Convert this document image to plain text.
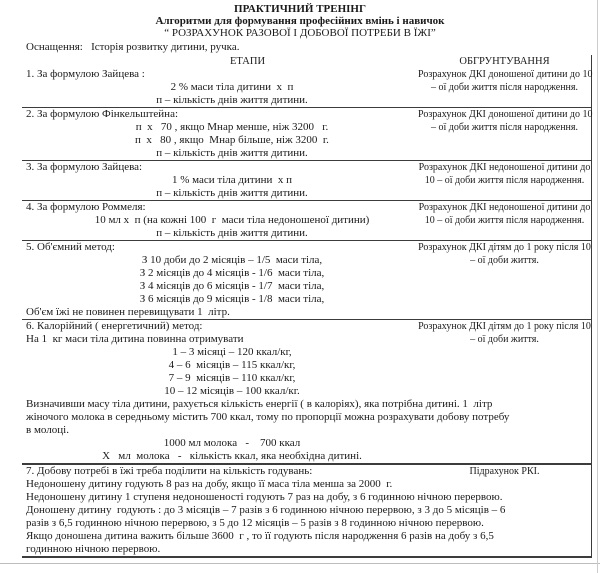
ПРАКТИЧНИЙ ТРЕНІНГ
Алгоритми для формування професійних вмінь і навичок
“ РОЗРАХУНОК РАЗОВОЇ І ДОБОВОЇ ПОТРЕБИ В ЇЖІ”
Оснащення:   Історія розвитку дитини, ручка.
ЕТАПИ	ОБГРУНТУВАННЯ
1. За формулою Зайцева :
2 % маси тіла дитини  х  п
п – кількість днів життя дитини.
Розрахунок ДКІ доношеної дитини до 10
– ої доби життя після народження.
2. За формулою Фінкельштейна:
п  х   70 , якщо Мнар менше, ніж 3200   г.
п  х   80 , якщо  Мнар більше, ніж 3200  г.
п – кількість днів життя дитини.
Розрахунок ДКІ доношеної дитини до 10
– ої доби життя після народження.
3. За формулою Зайцева:
1 % маси тіла дитини  х п
п – кількість днів життя дитини.
Розрахунок ДКІ недоношеної дитини до
10 – ої доби життя після народження.
4. За формулою Роммеля:
10 мл х  п (на кожні 100  г  маси тіла недоношеної дитини)
п – кількість днів життя дитини.
Розрахунок ДКІ недоношеної дитини до
10 – ої доби життя після народження.
5. Об'ємний метод:
З 10 доби до 2 місяців – 1/5  маси тіла,
З 2 місяців до 4 місяців - 1/6  маси тіла,
З 4 місяців до 6 місяців - 1/7  маси тіла,
З 6 місяців до 9 місяців - 1/8  маси тіла,
Розрахунок ДКІ дітям до 1 року після 10
– ої доби життя.
Об'єм їжі не повинен перевищувати 1  літр.
6. Калорійний ( енергетичний) метод:
На 1  кг маси тіла дитина повинна отримувати
1 – 3 місяці – 120 ккал/кг,
4 – 6  місяців – 115 ккал/кг,
7 – 9  місяців – 110 ккал/кг,
10 – 12 місяців – 100 ккал/кг.
Розрахунок ДКІ дітям до 1 року після 10
– ої доби життя.
Визначивши масу тіла дитини, рахується кількість енергії ( в калоріях), яка потрібна дитині. 1  літр
жіночого молока в середньому містить 700 ккал, тому по пропорції можна розрахувати добову потребу
в молоці.
1000 мл молока   -    700 ккал
Х   мл  молока   -   кількість ккал, яка необхідна дитині.
7. Добову потребі в їжі треба поділити на кількість годувань:	Підрахунок РКІ.
Недоношену дитину годують 8 раз на добу, якщо її маса тіла менша за 2000  г.
Недоношену дитину 1 ступеня недоношеності годують 7 раз на добу, з 6 годинною нічною перервою.
Доношену дитину  годують : до 3 місяців – 7 разів з 6 годинною нічною перервою, з 3 до 5 місяців – 6
разів з 6,5 годинною нічною перервою, з 5 до 12 місяців – 5 разів з 8 годинною нічною перервою.
Якщо доношена дитина важить більше 3600  г , то її годують після народження 6 разів на добу з 6,5
годинною нічною перервою.
